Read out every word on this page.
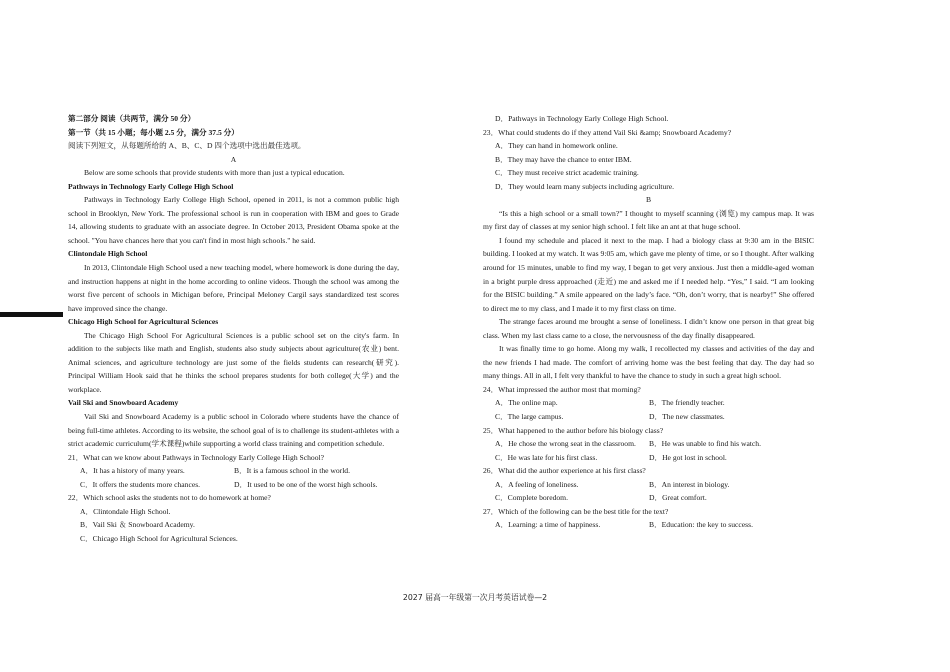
第二部分 阅读（共两节，满分 50 分）

第一节（共 15 小题；每小题 2.5 分，满分 37.5 分）

阅读下列短文，从每题所给的 A、B、C、D 四个选项中选出最佳选项。

A

Below are some schools that provide students with more than just a typical education.

Pathways in Technology Early College High School

Pathways in Technology Early College High School, opened in 2011, is not a common public high school in Brooklyn, New York. The professional school is run in cooperation with IBM and goes to Grade 14, allowing students to graduate with an associate degree. In October 2013, President Obama spoke at the school. "You have chances here that you can't find in most high schools." he said.

Clintondale High School

In 2013, Clintondale High School used a new teaching model, where homework is done during the day, and instruction happens at night in the home according to online videos. Though the school was among the worst five percent of schools in Michigan before, Principal Meloney Cargil says standardized test scores have improved since the change.

Chicago High School for Agricultural Sciences

The Chicago High School For Agricultural Sciences is a public school set on the city's farm. In addition to the subjects like math and English, students also study subjects about agriculture(农业) bent. Animal sciences, and agriculture technology are just some of the fields students can research(研究). Principal William Hook said that he thinks the school prepares students for both college(大学) and the workplace.

Vail Ski and Snowboard Academy

Vail Ski and Snowboard Academy is a public school in Colorado where students have the chance of being full-time athletes. According to its website, the school goal of is to challenge its student-athletes with a strict academic curriculum(学术课程)while supporting a world class training and competition schedule.

21．What can we know about Pathways in Technology Early College High School?

A．It has a history of many years.	B．It is a famous school in the world.
C．It offers the students more chances.	D．It used to be one of the worst high schools.

22．Which school asks the students not to do homework at home?

A．Clintondale High School.

B．Vail Ski ＆ Snowboard Academy.

C．Chicago High School for Agricultural Sciences.

D．Pathways in Technology Early College High School.

23．What could students do if they attend Vail Ski &amp; Snowboard Academy?

A．They can hand in homework online.

B．They may have the chance to enter IBM.

C．They must receive strict academic training.

D．They would learn many subjects including agriculture.

B

“Is this a high school or a small town?” I thought to myself scanning (浏览) my campus map. It was my first day of classes at my senior high school. I felt like an ant at that huge school.

I found my schedule and placed it next to the map. I had a biology class at 9:30 am in the BISIC building. I looked at my watch. It was 9:05 am, which gave me plenty of time, or so I thought. After walking around for 15 minutes, unable to find my way, I began to get very anxious. Just then a middle-aged woman in a bright purple dress approached (走近) me and asked me if I needed help. “Yes,” I said. “I am looking for the BISIC building.” A smile appeared on the lady’s face. “Oh, don’t worry, that is nearby!” She offered to direct me to my class, and I made it to my first class on time.

The strange faces around me brought a sense of loneliness. I didn’t know one person in that great big class. When my last class came to a close, the nervousness of the day finally disappeared.

It was finally time to go home. Along my walk, I recollected my classes and activities of the day and the new friends I had made. The comfort of arriving home was the best feeling that day. The day had so many things. All in all, I felt very thankful to have the chance to study in such a great high school.

24．What impressed the author most that morning?

A．The online map.	B．The friendly teacher.
C．The large campus.	D．The new classmates.

25．What happened to the author before his biology class?

A．He chose the wrong seat in the classroom.	B．He was unable to find his watch.
C．He was late for his first class.	D．He got lost in school.

26．What did the author experience at his first class?

A．A feeling of loneliness.	B．An interest in biology.
C．Complete boredom.	D．Great comfort.

27．Which of the following can be the best title for the text?

A．Learning: a time of happiness.	B．Education: the key to success.
2027 届高一年级第一次月考英语试卷—2
